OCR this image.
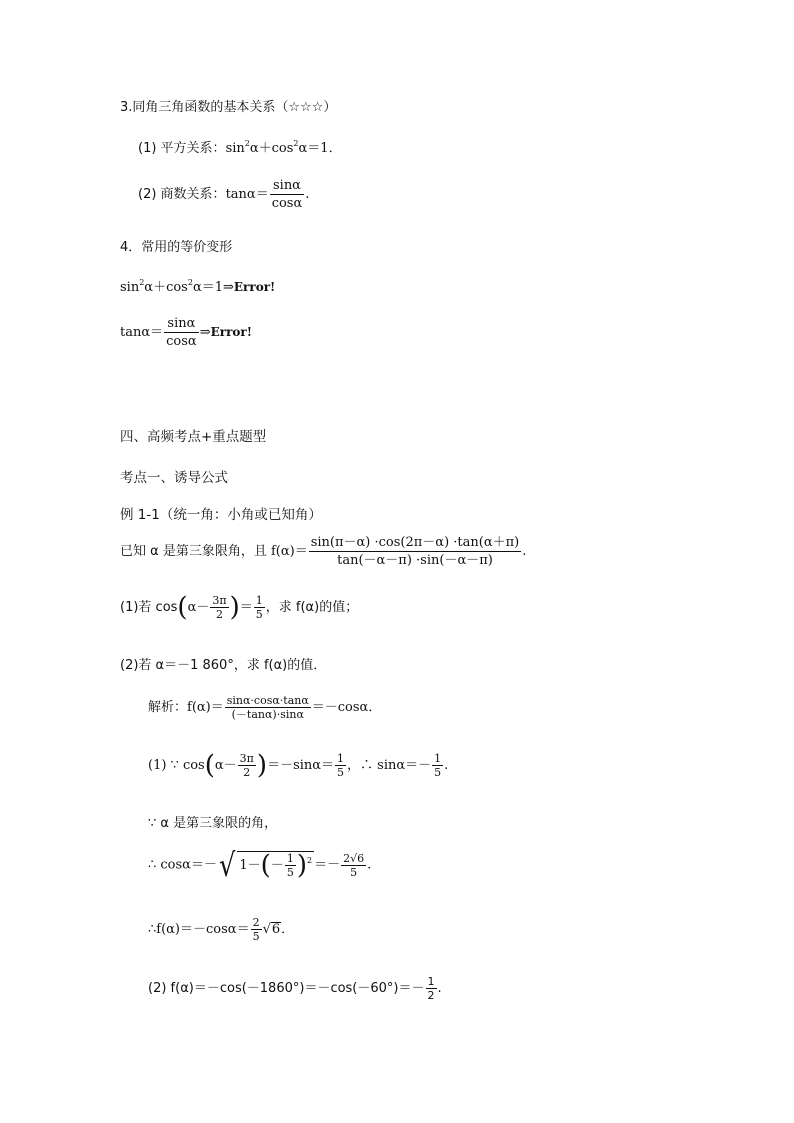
3.同角三角函数的基本关系（☆☆☆）
(1) 平方关系：$\sin^2\alpha+\cos^2\alpha=1$．
(2) 商数关系：$\tan\alpha= \frac{\sin\alpha}{\cos\alpha}$ .
4．常用的等价变形
$\sin^2\alpha+\cos^2\alpha=1\Rightarrow Error$!
$\tan\alpha= \frac{\sin\alpha}{\cos\alpha}$ ⇒Error!
四、高频考点+重点题型
考点一、诱导公式
例 1-1（统一角：小角或已知角）
已知 α 是第三象限角，且 $f(\alpha)= \frac{\sin(\pi-\alpha) \cdot\cos(2\pi-\alpha) \cdot\tan(\alpha+\pi)}{\tan(-\alpha-\pi) \cdot\sin(-\alpha-\pi)}$ .
(1)若 $\cos(\alpha- \frac{3\pi}{2}$ )＝ $\frac{1}{5}$ ，求 f(α)的值；
(2)若 α＝－1 860°，求 f(α)的值．
解析：$f(\alpha)= \frac{\sin\alpha\cdot\cos\alpha\cdot\tan\alpha}{(-\tan\alpha)\cdot\sin\alpha} =-\cos\alpha$．
(1) ∵ $\cos(\alpha- \frac{3\pi}{2} )=-\sin\alpha= \frac{1}{5}$ ，∴ $\sin\alpha=- \frac{1}{5}$ .
∵ α 是第三象限的角，
∴ cosα＝－√ $1-(- \frac{1}{5} )^2 =- \frac{2√6}{5}$ .
∴f(α)＝－cosα＝ $\frac{2}{5} √6$．
(2) $f(\alpha)=-\cos(-1860^\circ)=-\cos(-60^\circ)=- \frac{1}{2}$ .
